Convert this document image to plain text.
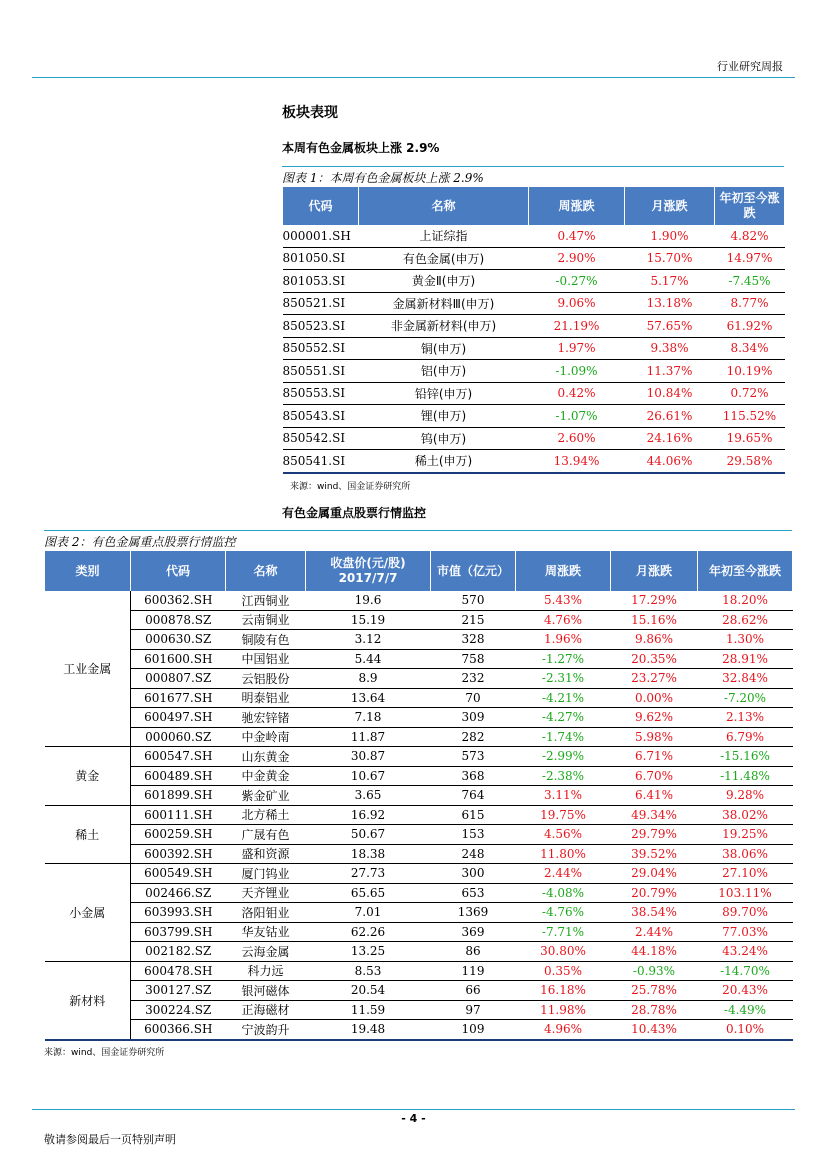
行业研究周报
板块表现
本周有色金属板块上涨 2.9%
图表 1：本周有色金属板块上涨 2.9%
代码	名称	周涨跌	月涨跌	年初至今涨跌
000001.SH	上证综指	0.47%	1.90%	4.82%
801050.SI	有色金属(申万)	2.90%	15.70%	14.97%
801053.SI	黄金Ⅱ(申万)	-0.27%	5.17%	-7.45%
850521.SI	金属新材料Ⅲ(申万)	9.06%	13.18%	8.77%
850523.SI	非金属新材料(申万)	21.19%	57.65%	61.92%
850552.SI	铜(申万)	1.97%	9.38%	8.34%
850551.SI	铝(申万)	-1.09%	11.37%	10.19%
850553.SI	铅锌(申万)	0.42%	10.84%	0.72%
850543.SI	锂(申万)	-1.07%	26.61%	115.52%
850542.SI	钨(申万)	2.60%	24.16%	19.65%
850541.SI	稀土(申万)	13.94%	44.06%	29.58%
来源：wind、国金证券研究所
有色金属重点股票行情监控
图表 2：有色金属重点股票行情监控
类别	代码	名称	收盘价(元/股) 2017/7/7	市值（亿元）	周涨跌	月涨跌	年初至今涨跌
工业金属	600362.SH	江西铜业	19.6	570	5.43%	17.29%	18.20%
	000878.SZ	云南铜业	15.19	215	4.76%	15.16%	28.62%
	000630.SZ	铜陵有色	3.12	328	1.96%	9.86%	1.30%
	601600.SH	中国铝业	5.44	758	-1.27%	20.35%	28.91%
	000807.SZ	云铝股份	8.9	232	-2.31%	23.27%	32.84%
	601677.SH	明泰铝业	13.64	70	-4.21%	0.00%	-7.20%
	600497.SH	驰宏锌锗	7.18	309	-4.27%	9.62%	2.13%
	000060.SZ	中金岭南	11.87	282	-1.74%	5.98%	6.79%
黄金	600547.SH	山东黄金	30.87	573	-2.99%	6.71%	-15.16%
	600489.SH	中金黄金	10.67	368	-2.38%	6.70%	-11.48%
	601899.SH	紫金矿业	3.65	764	3.11%	6.41%	9.28%
稀土	600111.SH	北方稀土	16.92	615	19.75%	49.34%	38.02%
	600259.SH	广晟有色	50.67	153	4.56%	29.79%	19.25%
	600392.SH	盛和资源	18.38	248	11.80%	39.52%	38.06%
小金属	600549.SH	厦门钨业	27.73	300	2.44%	29.04%	27.10%
	002466.SZ	天齐锂业	65.65	653	-4.08%	20.79%	103.11%
	603993.SH	洛阳钼业	7.01	1369	-4.76%	38.54%	89.70%
	603799.SH	华友钴业	62.26	369	-7.71%	2.44%	77.03%
	002182.SZ	云海金属	13.25	86	30.80%	44.18%	43.24%
新材料	600478.SH	科力远	8.53	119	0.35%	-0.93%	-14.70%
	300127.SZ	银河磁体	20.54	66	16.18%	25.78%	20.43%
	300224.SZ	正海磁材	11.59	97	11.98%	28.78%	-4.49%
	600366.SH	宁波韵升	19.48	109	4.96%	10.43%	0.10%
来源：wind、国金证券研究所
- 4 -
敬请参阅最后一页特别声明
